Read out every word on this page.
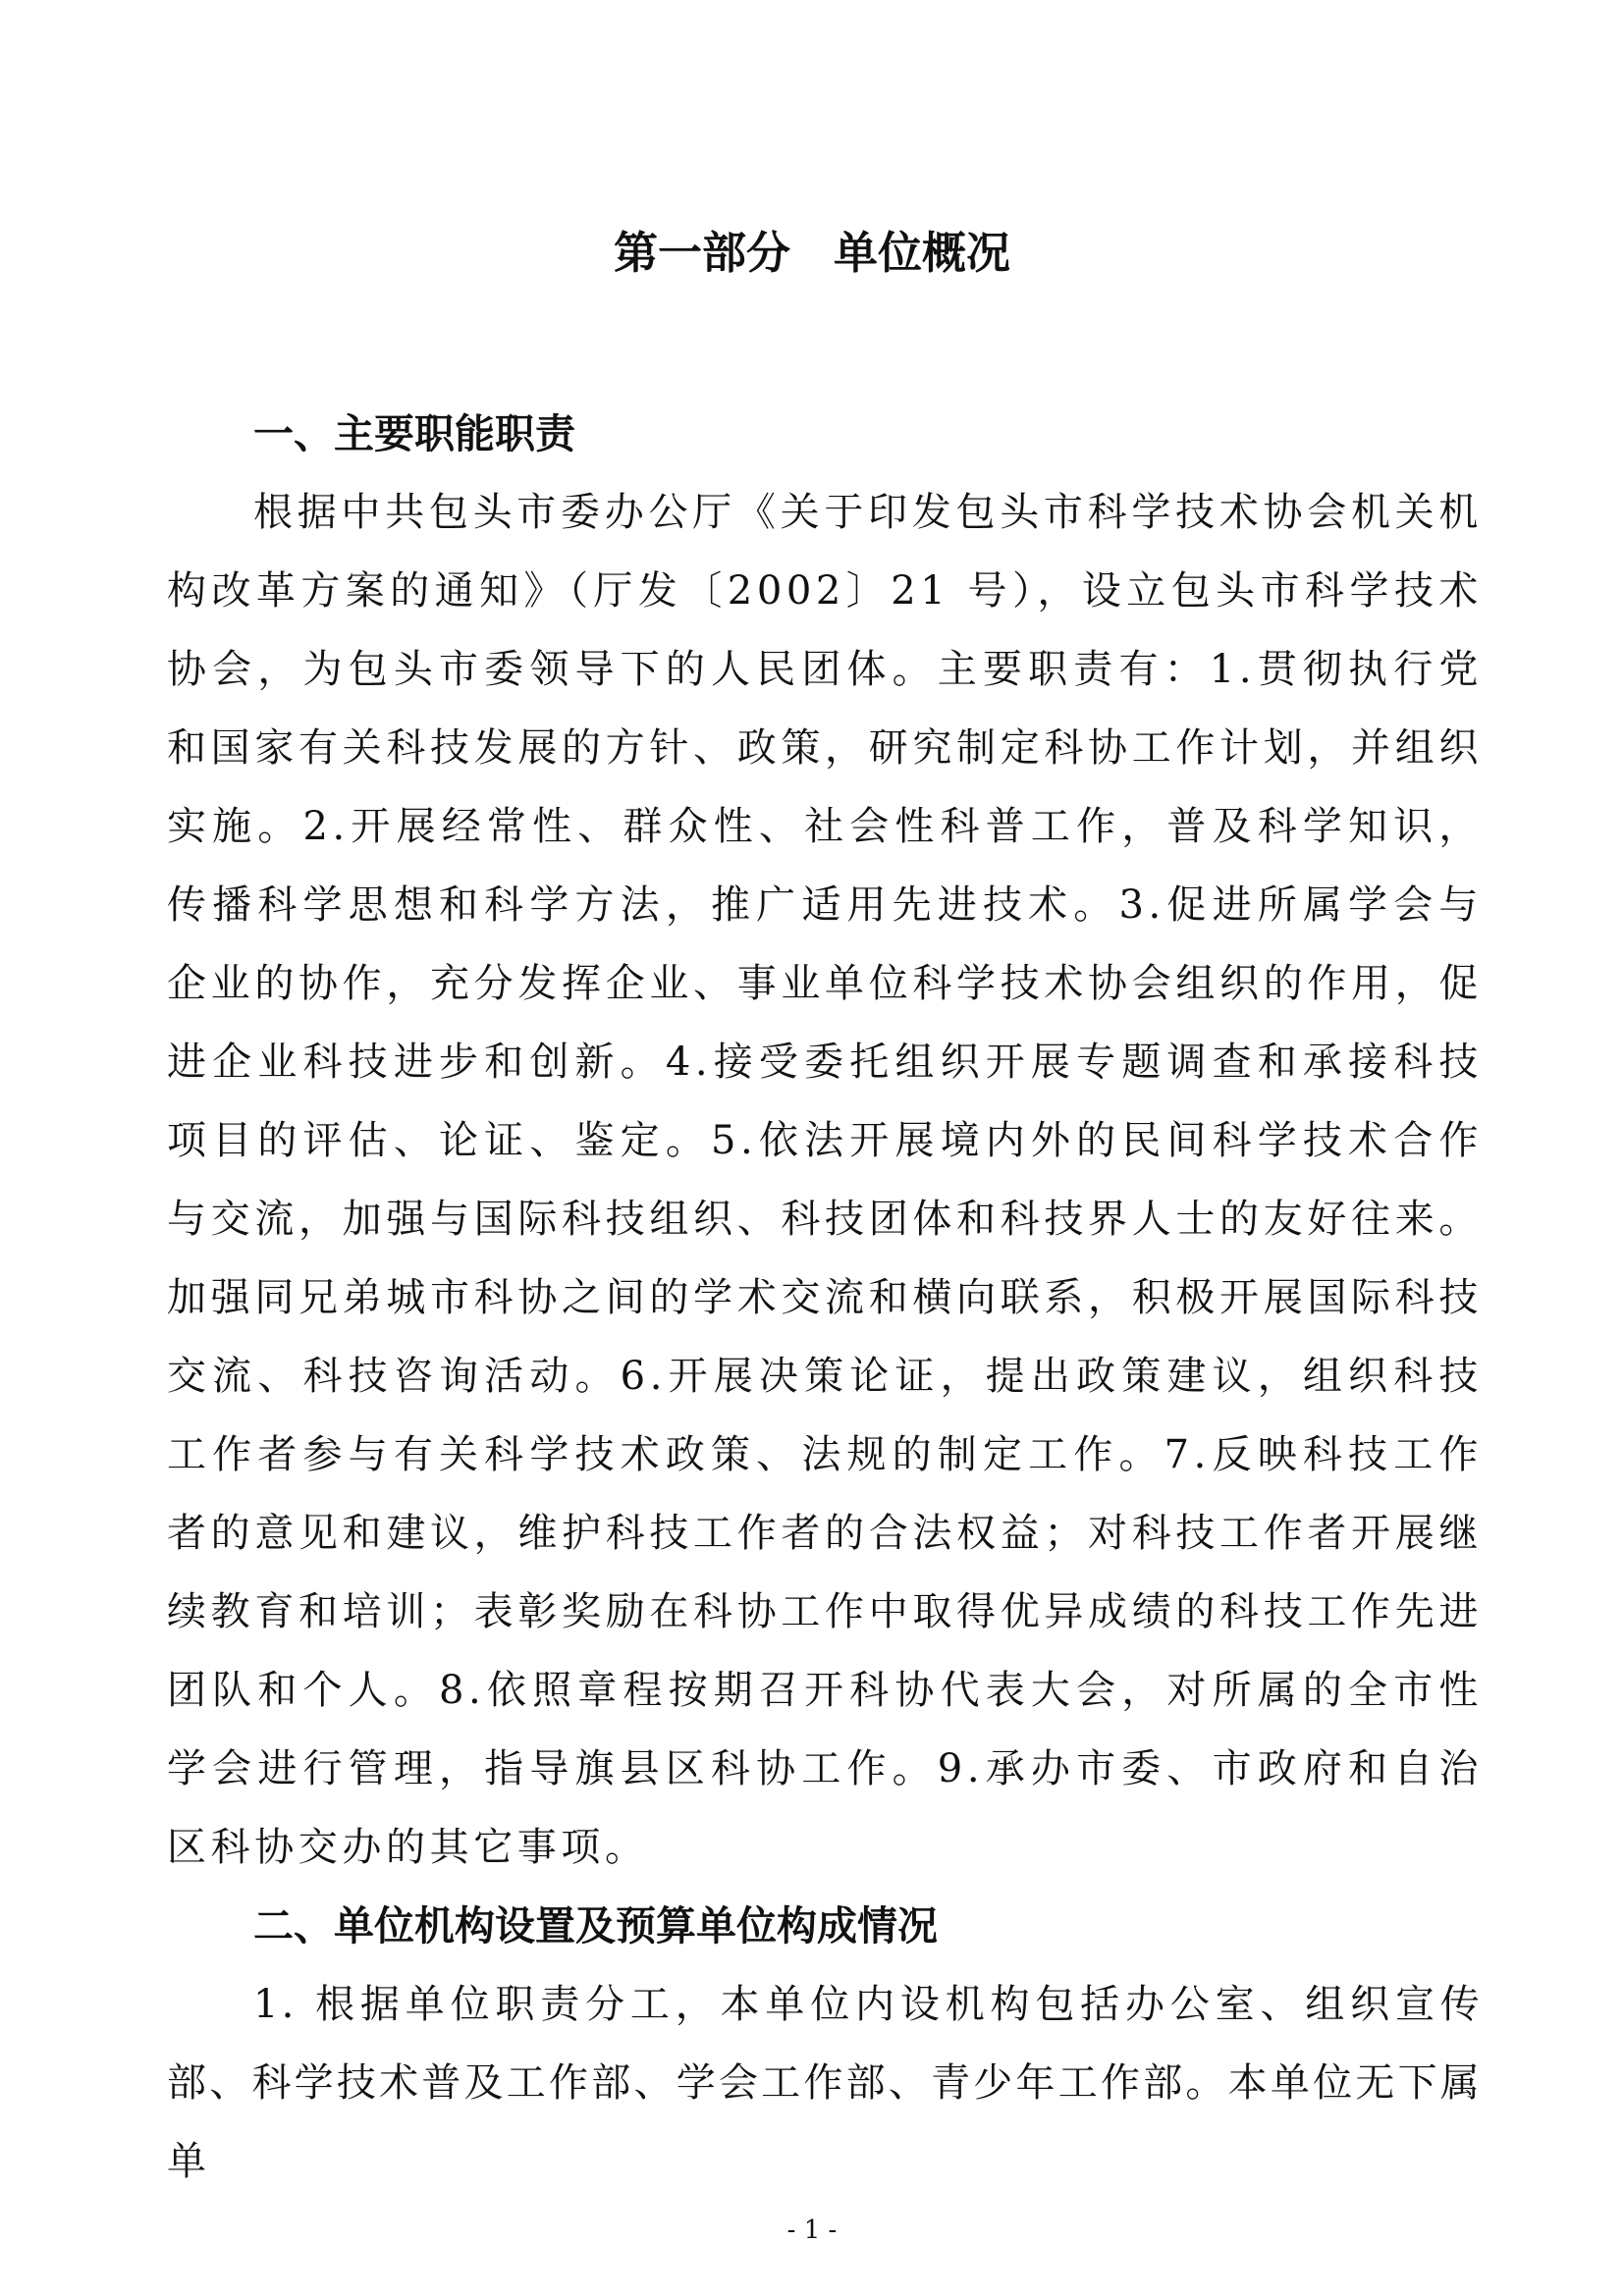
第一部分 单位概况
一、主要职能职责

根据中共包头市委办公厅《关于印发包头市科学技术协会机关机构改革方案的通知》（厅发〔2002〕21 号），设立包头市科学技术协会，为包头市委领导下的人民团体。主要职责有：1.贯彻执行党和国家有关科技发展的方针、政策，研究制定科协工作计划，并组织实施。2.开展经常性、群众性、社会性科普工作，普及科学知识，传播科学思想和科学方法，推广适用先进技术。3.促进所属学会与企业的协作，充分发挥企业、事业单位科学技术协会组织的作用，促进企业科技进步和创新。4.接受委托组织开展专题调查和承接科技项目的评估、论证、鉴定。5.依法开展境内外的民间科学技术合作与交流，加强与国际科技组织、科技团体和科技界人士的友好往来。加强同兄弟城市科协之间的学术交流和横向联系，积极开展国际科技交流、科技咨询活动。6.开展决策论证，提出政策建议，组织科技工作者参与有关科学技术政策、法规的制定工作。7.反映科技工作者的意见和建议，维护科技工作者的合法权益；对科技工作者开展继续教育和培训；表彰奖励在科协工作中取得优异成绩的科技工作先进团队和个人。8.依照章程按期召开科协代表大会，对所属的全市性学会进行管理，指导旗县区科协工作。9.承办市委、市政府和自治区科协交办的其它事项。

二、单位机构设置及预算单位构成情况

1. 根据单位职责分工，本单位内设机构包括办公室、组织宣传部、科学技术普及工作部、学会工作部、青少年工作部。本单位无下属单

- 1 -
